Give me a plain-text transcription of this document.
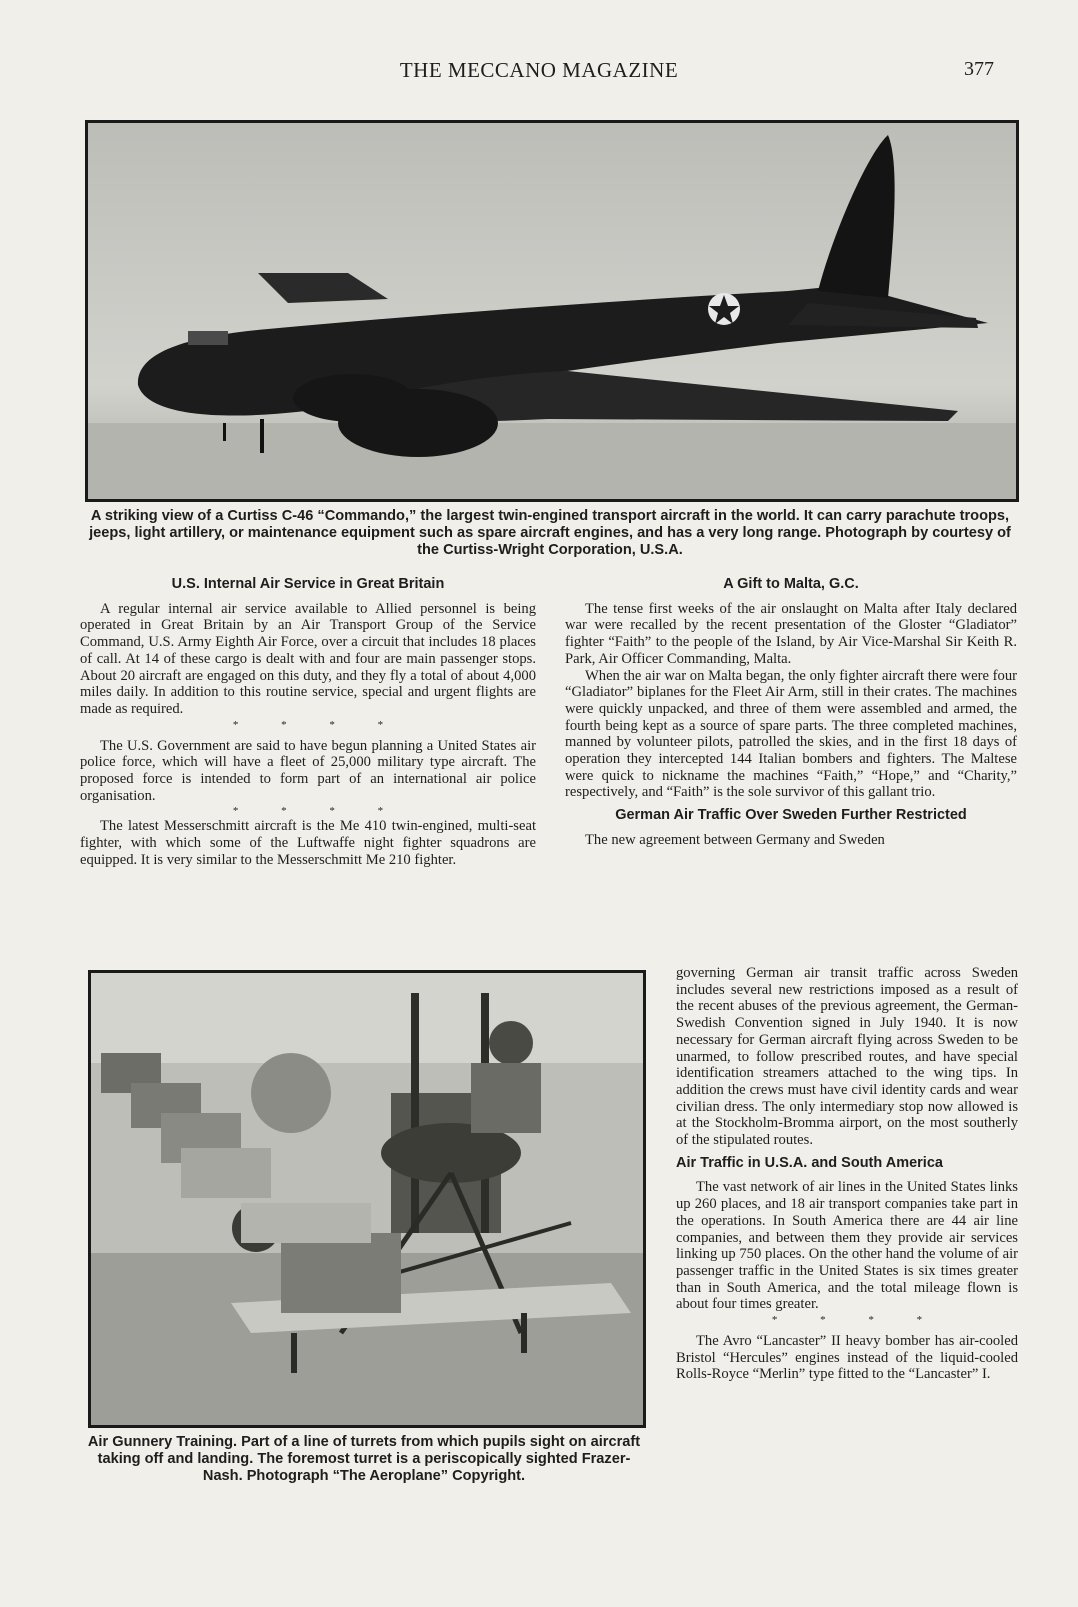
THE MECCANO MAGAZINE	377
A striking view of a Curtiss C-46 “Commando,” the largest twin-engined transport aircraft in the world. It can carry parachute troops, jeeps, light artillery, or maintenance equipment such as spare aircraft engines, and has a very long range. Photograph by courtesy of the Curtiss-Wright Corporation, U.S.A.
U.S. Internal Air Service in Great Britain

A regular internal air service available to Allied personnel is being operated in Great Britain by an Air Transport Group of the Service Command, U.S. Army Eighth Air Force, over a circuit that includes 18 places of call. At 14 of these cargo is dealt with and four are main passenger stops. About 20 aircraft are engaged on this duty, and they fly a total of about 4,000 miles daily. In addition to this routine service, special and urgent flights are made as required.

* * * *

The U.S. Government are said to have begun planning a United States air police force, which will have a fleet of 25,000 military type aircraft. The proposed force is intended to form part of an international air police organisation.

* * * *

The latest Messerschmitt aircraft is the Me 410 twin-engined, multi-seat fighter, with which some of the Luftwaffe night fighter squadrons are equipped. It is very similar to the Messerschmitt Me 210 fighter.

A Gift to Malta, G.C.

The tense first weeks of the air onslaught on Malta after Italy declared war were recalled by the recent presentation of the Gloster “Gladiator” fighter “Faith” to the people of the Island, by Air Vice-Marshal Sir Keith R. Park, Air Officer Commanding, Malta.

When the air war on Malta began, the only fighter aircraft there were four “Gladiator” biplanes for the Fleet Air Arm, still in their crates. The machines were quickly unpacked, and three of them were assembled and armed, the fourth being kept as a source of spare parts. The three completed machines, manned by volunteer pilots, patrolled the skies, and in the first 18 days of operation they intercepted 144 Italian bombers and fighters. The Maltese were quick to nickname the machines “Faith,” “Hope,” and “Charity,” respectively, and “Faith” is the sole survivor of this gallant trio.

German Air Traffic Over Sweden Further Restricted

The new agreement between Germany and Sweden

governing German air transit traffic across Sweden includes several new restrictions imposed as a result of the recent abuses of the previous agreement, the German-Swedish Convention signed in July 1940. It is now necessary for German aircraft flying across Sweden to be unarmed, to follow prescribed routes, and have special identification streamers attached to the wing tips. In addition the crews must have civil identity cards and wear civilian dress. The only intermediary stop now allowed is at the Stockholm-Bromma airport, on the most southerly of the stipulated routes.

Air Traffic in U.S.A. and South America

The vast network of air lines in the United States links up 260 places, and 18 air transport companies take part in the operations. In South America there are 44 air line companies, and between them they provide air services linking up 750 places. On the other hand the volume of air passenger traffic in the United States is six times greater than in South America, and the total mileage flown is about four times greater.

* * * *

The Avro “Lancaster” II heavy bomber has air-cooled Bristol “Hercules” engines instead of the liquid-cooled Rolls-Royce “Merlin” type fitted to the “Lancaster” I.

Air Gunnery Training. Part of a line of turrets from which pupils sight on aircraft taking off and landing. The foremost turret is a periscopically sighted Frazer-Nash. Photograph “The Aeroplane” Copyright.
